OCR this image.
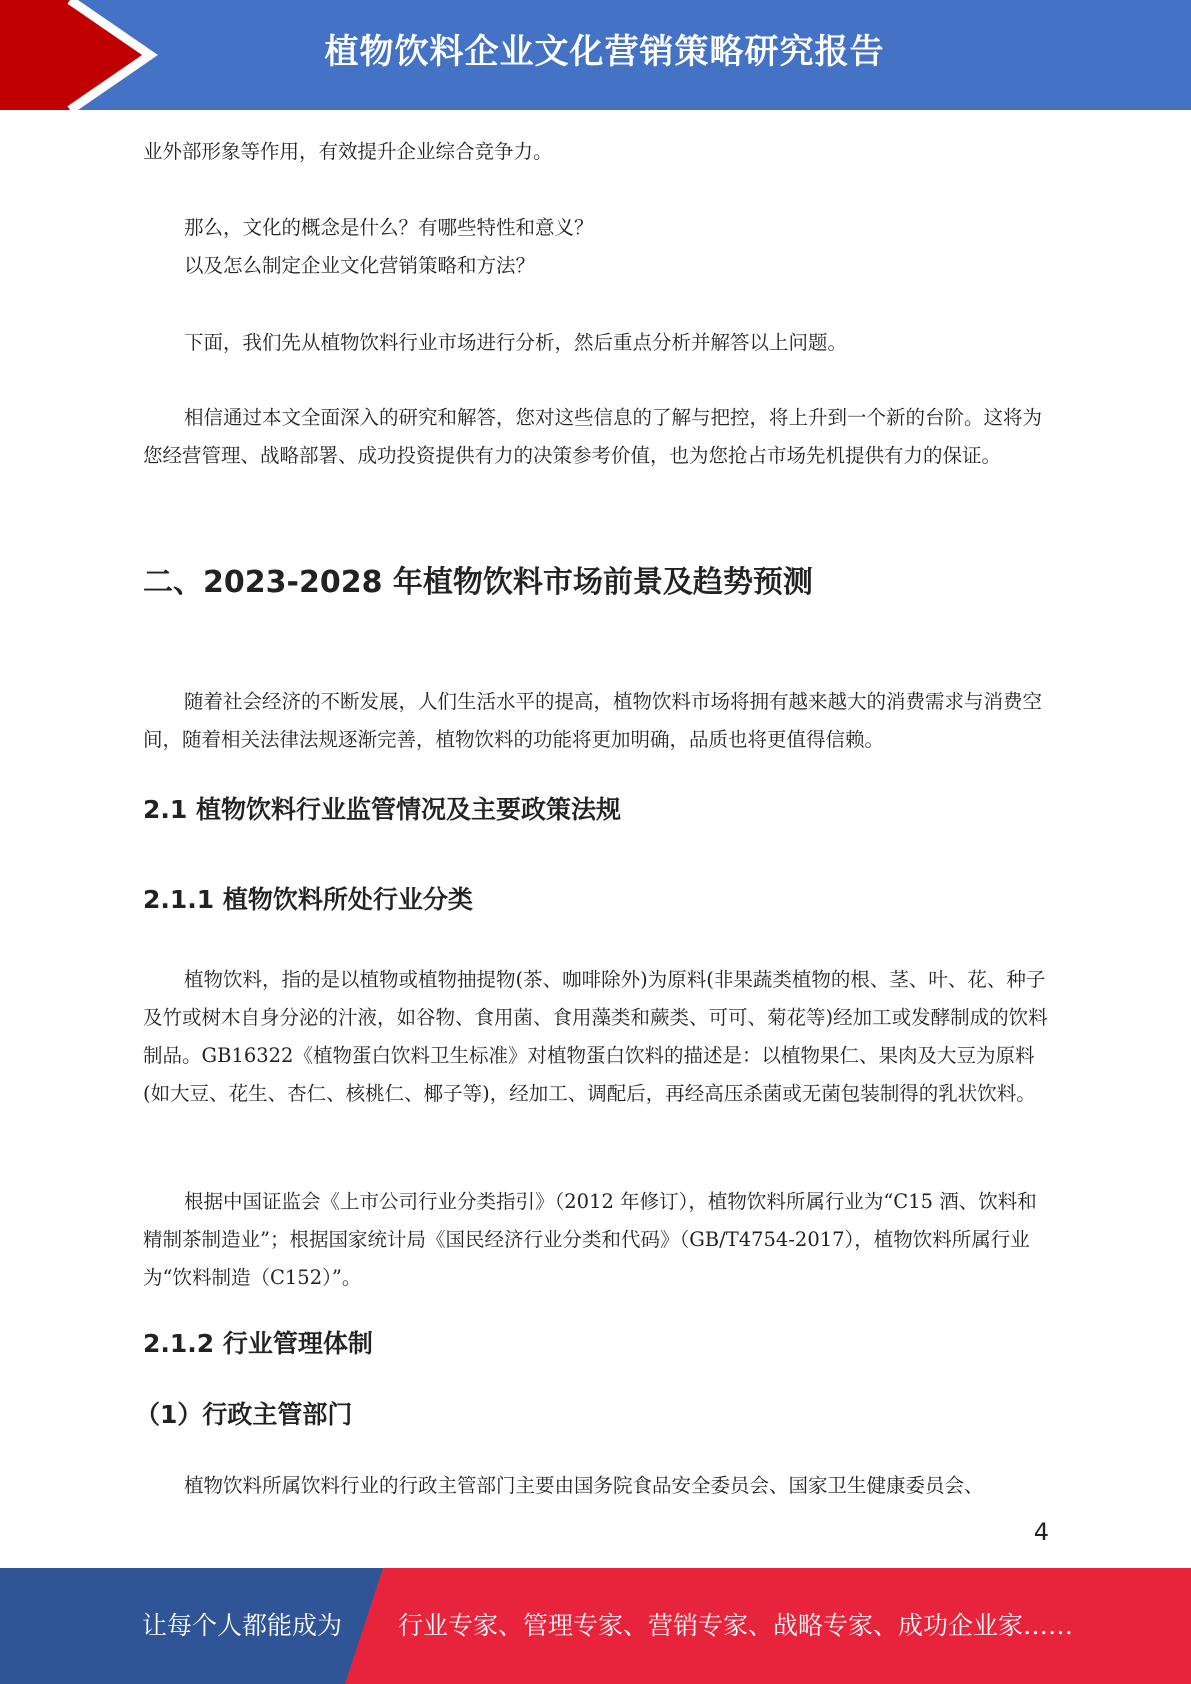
植物饮料企业文化营销策略研究报告

业外部形象等作用，有效提升企业综合竞争力。

那么，文化的概念是什么？有哪些特性和意义？

以及怎么制定企业文化营销策略和方法？

下面，我们先从植物饮料行业市场进行分析，然后重点分析并解答以上问题。

相信通过本文全面深入的研究和解答，您对这些信息的了解与把控，将上升到一个新的台阶。这将为您经营管理、战略部署、成功投资提供有力的决策参考价值，也为您抢占市场先机提供有力的保证。

二、2023-2028 年植物饮料市场前景及趋势预测

随着社会经济的不断发展，人们生活水平的提高，植物饮料市场将拥有越来越大的消费需求与消费空间，随着相关法律法规逐渐完善，植物饮料的功能将更加明确，品质也将更值得信赖。

2.1 植物饮料行业监管情况及主要政策法规
2.1.1 植物饮料所处行业分类

植物饮料，指的是以植物或植物抽提物(茶、咖啡除外)为原料(非果蔬类植物的根、茎、叶、花、种子及竹或树木自身分泌的汁液，如谷物、食用菌、食用藻类和蕨类、可可、菊花等)经加工或发酵制成的饮料制品。GB16322《植物蛋白饮料卫生标准》对植物蛋白饮料的描述是：以植物果仁、果肉及大豆为原料(如大豆、花生、杏仁、核桃仁、椰子等)，经加工、调配后，再经高压杀菌或无菌包装制得的乳状饮料。

根据中国证监会《上市公司行业分类指引》（2012 年修订），植物饮料所属行业为“C15 酒、饮料和精制茶制造业”；根据国家统计局《国民经济行业分类和代码》（GB/T4754-2017），植物饮料所属行业为“饮料制造（C152）”。

2.1.2 行业管理体制
（1）行政主管部门

植物饮料所属饮料行业的行政主管部门主要由国务院食品安全委员会、国家卫生健康委员会、

4
让每个人都能成为 行业专家、管理专家、营销专家、战略专家、成功企业家……
